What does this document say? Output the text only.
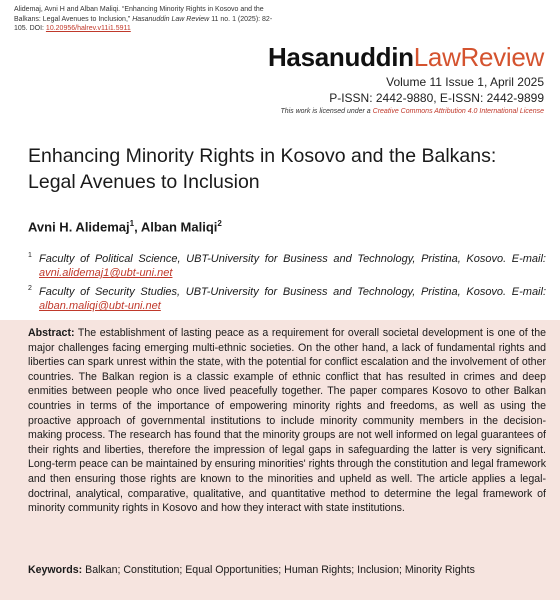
Alidemaj, Avni H and Alban Maliqi. “Enhancing Minority Rights in Kosovo and the Balkans: Legal Avenues to Inclusion,” Hasanuddin Law Review 11 no. 1 (2025): 82-105. DOI: 10.20956/halrev.v11i1.5911
HasanuddinLawReview
Volume 11 Issue 1, April 2025
P-ISSN: 2442-9880, E-ISSN: 2442-9899
This work is licensed under a Creative Commons Attribution 4.0 International License
Enhancing Minority Rights in Kosovo and the Balkans: Legal Avenues to Inclusion
Avni H. Alidemaj$^1$, Alban Maliqi$^2$
$^1$ Faculty of Political Science, UBT-University for Business and Technology, Pristina, Kosovo. E-mail: avni.alidemaj1@ubt-uni.net
$^2$ Faculty of Security Studies, UBT-University for Business and Technology, Pristina, Kosovo. E-mail: alban.maliqi@ubt-uni.net
Abstract: The establishment of lasting peace as a requirement for overall societal development is one of the major challenges facing emerging multi-ethnic societies. On the other hand, a lack of fundamental rights and liberties can spark unrest within the state, with the potential for conflict escalation and the involvement of other countries. The Balkan region is a classic example of ethnic conflict that has resulted in crimes and deep enmities between people who once lived peacefully together. The paper compares Kosovo to other Balkan countries in terms of the importance of empowering minority rights and freedoms, as well as using the proactive approach of governmental institutions to include minority community members in the decision-making process. The research has found that the minority groups are not well informed on legal guarantees of their rights and liberties, therefore the impression of legal gaps in safeguarding the latter is very significant. Long-term peace can be maintained by ensuring minorities' rights through the constitution and legal framework and then ensuring those rights are known to the minorities and upheld as well. The article applies a legal-doctrinal, analytical, comparative, qualitative, and quantitative method to determine the legal framework of minority community rights in Kosovo and how they interact with state institutions.
Keywords: Balkan; Constitution; Equal Opportunities; Human Rights; Inclusion; Minority Rights
